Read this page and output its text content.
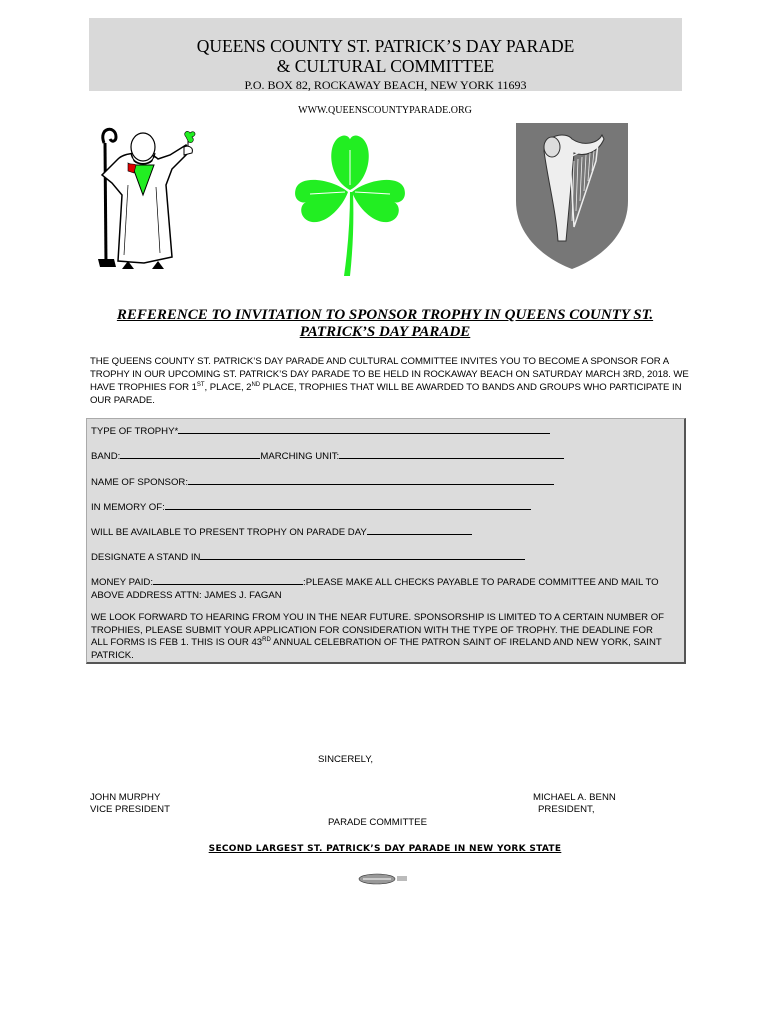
QUEENS COUNTY ST. PATRICK’S DAY PARADE
& CULTURAL COMMITTEE
P.O. BOX 82, ROCKAWAY BEACH, NEW YORK 11693
WWW.QUEENSCOUNTYPARADE.ORG
REFERENCE TO INVITATION TO SPONSOR TROPHY IN QUEENS COUNTY ST. PATRICK’S DAY PARADE
THE QUEENS COUNTY ST. PATRICK’S DAY PARADE AND CULTURAL COMMITTEE INVITES YOU TO BECOME A SPONSOR FOR A TROPHY IN OUR UPCOMING ST. PATRICK’S DAY PARADE TO BE HELD IN ROCKAWAY BEACH ON SATURDAY MARCH 3RD, 2018. WE HAVE TROPHIES FOR 1ST, PLACE, 2ND PLACE, TROPHIES THAT WILL BE AWARDED TO BANDS AND GROUPS WHO PARTICIPATE IN OUR PARADE.
TYPE OF TROPHY*
BAND:	MARCHING UNIT:
NAME OF SPONSOR:
IN MEMORY OF:
WILL BE AVAILABLE TO PRESENT TROPHY ON PARADE DAY
DESIGNATE A STAND IN
MONEY PAID:	:PLEASE MAKE ALL CHECKS PAYABLE TO PARADE COMMITTEE AND MAIL TO ABOVE ADDRESS ATTN: JAMES J. FAGAN
WE LOOK FORWARD TO HEARING FROM YOU IN THE NEAR FUTURE. SPONSORSHIP IS LIMITED TO A CERTAIN NUMBER OF TROPHIES, PLEASE SUBMIT YOUR APPLICATION FOR CONSIDERATION WITH THE TYPE OF TROPHY. THE DEADLINE FOR ALL FORMS IS FEB 1. THIS IS OUR 43RD ANNUAL CELEBRATION OF THE PATRON SAINT OF IRELAND AND NEW YORK, SAINT PATRICK.
SINCERELY,
JOHN MURPHY
VICE PRESIDENT
MICHAEL A. BENN
PRESIDENT,
PARADE COMMITTEE
SECOND LARGEST ST. PATRICK’S DAY PARADE IN NEW YORK STATE
